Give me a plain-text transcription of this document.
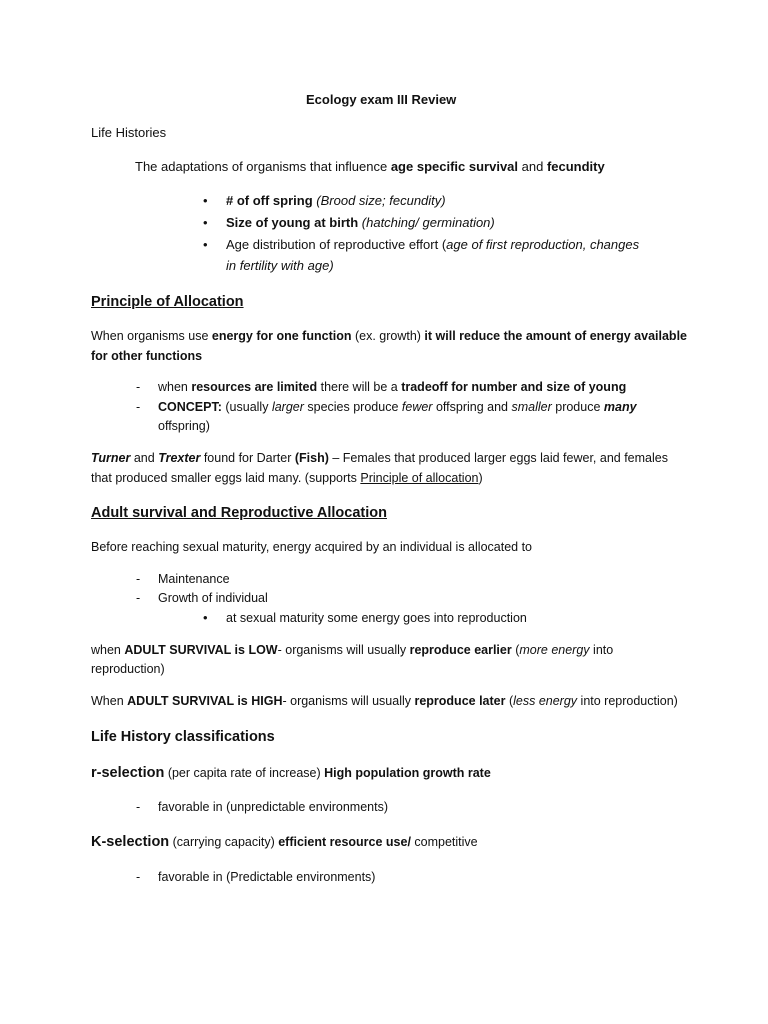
Ecology exam III Review
Life Histories
The adaptations of organisms that influence age specific survival and fecundity
• # of off spring (Brood size; fecundity)
• Size of young at birth (hatching/ germination)
• Age distribution of reproductive effort (age of first reproduction, changes
in fertility with age)
Principle of Allocation
When organisms use energy for one function (ex. growth) it will reduce the amount of energy available
for other functions
- when resources are limited there will be a tradeoff for number and size of young
- CONCEPT: (usually larger species produce fewer offspring and smaller produce many
offspring)
Turner and Trexter found for Darter (Fish) – Females that produced larger eggs laid fewer, and females
that produced smaller eggs laid many. (supports Principle of allocation)
Adult survival and Reproductive Allocation
Before reaching sexual maturity, energy acquired by an individual is allocated to
- Maintenance
- Growth of individual
• at sexual maturity some energy goes into reproduction
when ADULT SURVIVAL is LOW- organisms will usually reproduce earlier (more energy into
reproduction)
When ADULT SURVIVAL is HIGH- organisms will usually reproduce later (less energy into reproduction)
Life History classifications
r-selection (per capita rate of increase) High population growth rate
- favorable in (unpredictable environments)
K-selection (carrying capacity) efficient resource use/ competitive
- favorable in (Predictable environments)
